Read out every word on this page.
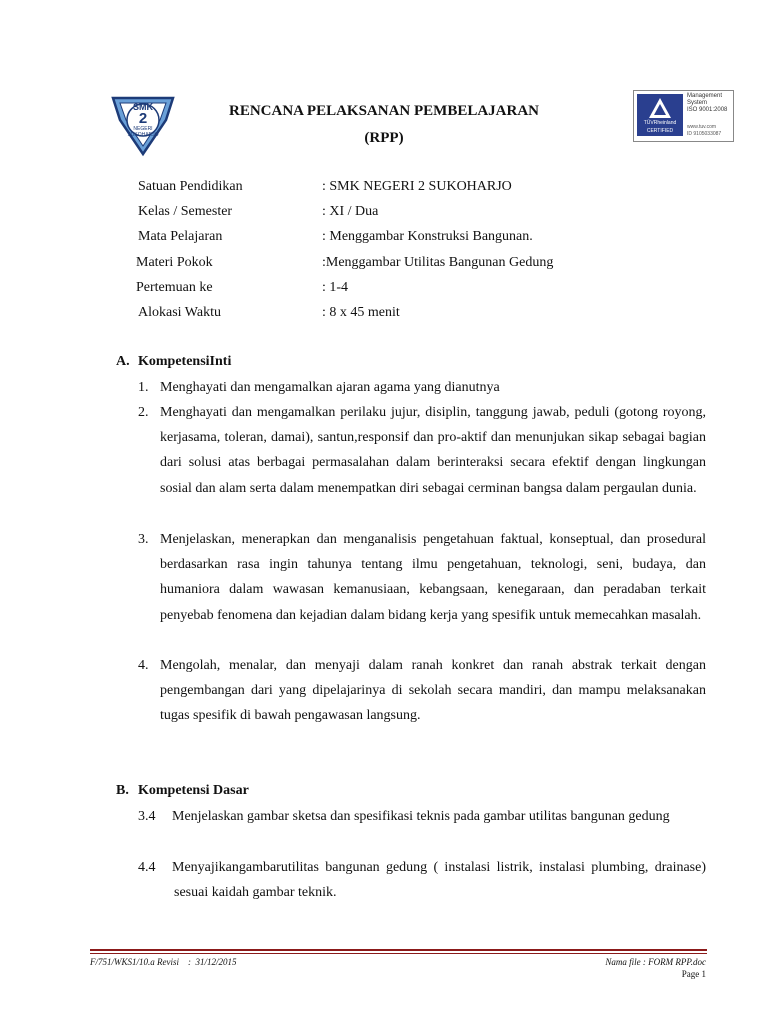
SMK
2
NEGERI
SUKOHARJO
RENCANA PELAKSANAN PEMBELAJARAN
(RPP)
TÜVRheinland
CERTIFIED
Management
System
ISO 9001:2008
www.tuv.com
ID 9105033087
Satuan Pendidikan	: SMK NEGERI 2 SUKOHARJO
Kelas / Semester	: XI / Dua
Mata Pelajaran	: Menggambar Konstruksi Bangunan.
Materi Pokok	:Menggambar Utilitas Bangunan Gedung
Pertemuan ke	: 1-4
Alokasi Waktu	: 8 x 45 menit
A. KompetensiInti
1. Menghayati dan mengamalkan ajaran agama yang dianutnya
2. Menghayati dan mengamalkan perilaku jujur, disiplin, tanggung jawab, peduli (gotong royong, kerjasama, toleran, damai), santun,responsif dan pro-aktif dan menunjukan sikap sebagai bagian dari solusi atas berbagai permasalahan dalam berinteraksi secara efektif dengan lingkungan sosial dan alam serta dalam menempatkan diri sebagai cerminan bangsa dalam pergaulan dunia.
3. Menjelaskan, menerapkan dan menganalisis pengetahuan faktual, konseptual, dan prosedural berdasarkan rasa ingin tahunya tentang ilmu pengetahuan, teknologi, seni, budaya, dan humaniora dalam wawasan kemanusiaan, kebangsaan, kenegaraan, dan peradaban terkait penyebab fenomena dan kejadian dalam bidang kerja yang spesifik untuk memecahkan masalah.
4. Mengolah, menalar, dan menyaji dalam ranah konkret dan ranah abstrak terkait dengan pengembangan dari yang dipelajarinya di sekolah secara mandiri, dan mampu melaksanakan tugas spesifik di bawah pengawasan langsung.
B. Kompetensi Dasar
3.4 Menjelaskan gambar sketsa dan spesifikasi teknis pada gambar utilitas bangunan gedung
4.4 Menyajikangambarutilitas bangunan gedung ( instalasi listrik, instalasi plumbing, drainase) sesuai kaidah gambar teknik.
F/751/WKS1/10.a Revisi    :  31/12/2015	Nama file : FORM RPP.doc
Page 1
